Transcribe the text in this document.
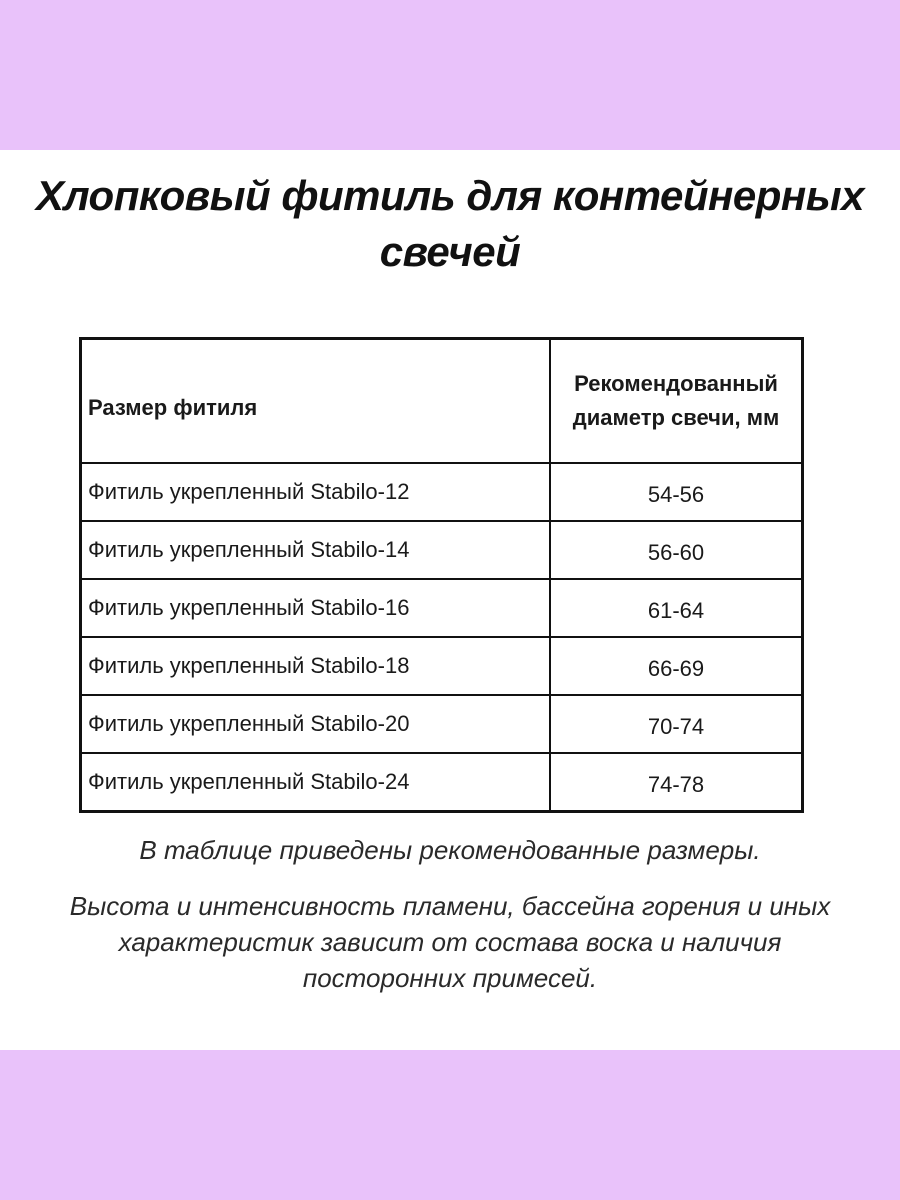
Хлопковый фитиль для контейнерных свечей
Размер фитиля	Рекомендованный
диаметр свечи, мм
Фитиль укрепленный Stabilo-12	54-56
Фитиль укрепленный Stabilo-14	56-60
Фитиль укрепленный Stabilo-16	61-64
Фитиль укрепленный Stabilo-18	66-69
Фитиль укрепленный Stabilo-20	70-74
Фитиль укрепленный Stabilo-24	74-78

В таблице приведены рекомендованные размеры.

Высота и интенсивность пламени, бассейна горения и иных характеристик зависит от состава воска и наличия посторонних примесей.
